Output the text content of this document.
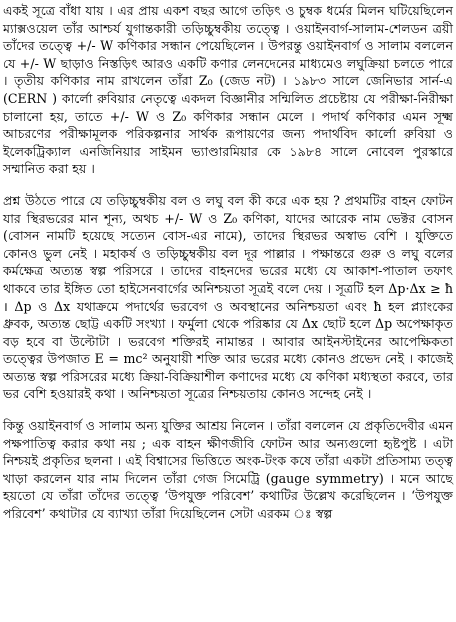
একই সূত্রে বাঁধা যায় । এর প্রায় একশ বছর আগে তড়িৎ ও চুম্বক ধর্মের মিলন ঘটিয়েছিলেন ম্যাক্সওয়েল তাঁর আশ্চর্য যুগান্তকারী তড়িচ্চুম্বকীয় তত্ত্বে । ওয়াইনবার্গ-সালাম-শেলডন ত্রয়ী তাঁদের তত্ত্বে +/- W কণিকার সন্ধান পেয়েছিলেন । উপরন্তু ওয়াইনবার্গ ও সালাম বললেন যে +/- W ছাড়াও নিস্তড়িৎ আরও একটি কণার লেনদেনের মাধ্যমেও লঘুক্রিয়া চলতে পারে । তৃতীয় কণিকার নাম রাখলেন তাঁরা Z₀ (জেড নট) । ১৯৮৩ সালে জেনিভার সার্ন-এ (CERN ) কার্লো রুবিয়ার নেতৃত্বে একদল বিজ্ঞানীর সন্মিলিত প্রচেষ্টায় যে পরীক্ষা-নিরীক্ষা চালানো হয়, তাতে +/- W ও Z₀ কণিকার সন্ধান মেলে । পদার্থ কণিকার এমন সূক্ষ্ম আচরণের পরীক্ষামূলক পরিকল্পনার সার্থক রূপায়ণের জন্য পদার্থবিদ কার্লো রুবিয়া ও ইলেকট্রিক্যাল এনজিনিয়ার সাইমন ভ্যাণ্ডারমিয়ার কে ১৯৮৪ সালে নোবেল পুরস্কারে সম্মানিত করা হয় ।

প্রশ্ন উঠতে পারে যে তড়িচ্চুম্বকীয় বল ও লঘু বল কী করে এক হয় ? প্রথমটির বাহন ফোটন যার স্থিরভরের মান শূন্য, অথচ +/- W ও Z₀ কণিকা, যাদের আরেক নাম ভেক্টর বোসন (বোসন নামটি হয়েছে সত্যেন বোস-এর নামে), তাদের স্থিরভর অস্বাভ বেশি । যুক্তিতে কোনও ভুল নেই । মহাকর্ষ ও তড়িচ্চুম্বকীয় বল দূর পাল্লার । পক্ষান্তরে গুরু ও লঘু বলের কর্মক্ষেত্র অত্যন্ত স্বল্প পরিসরে । তাদের বাহনদের ভরের মধ্যে যে আকাশ-পাতাল তফাৎ থাকবে তার ইঙ্গিত তো হাইসেনবার্গের অনিশ্চয়তা সূত্রই বলে দেয় । সূত্রটি হল Δp·Δx ≥ ħ । Δp ও Δx যথাক্রমে পদার্থের ভরবেগ ও অবস্থানের অনিশ্চয়তা এবং ħ হল প্ল্যাংকের ধ্রুবক, অত্যন্ত ছোট্ট একটি সংখ্যা । ফর্মুলা থেকে পরিষ্কার যে Δx ছোট হলে Δp অপেক্ষাকৃত বড় হবে বা উল্টোটা । ভরবেগ শক্তিরই নামান্তর । আবার আইনস্টাইনের আপেক্ষিকতা তত্ত্বের উপজাত E = mc² অনুযায়ী শক্তি আর ভরের মধ্যে কোনও প্রভেদ নেই । কাজেই অত্যন্ত স্বল্প পরিসরের মধ্যে ক্রিয়া-বিক্রিয়াশীল কণাদের মধ্যে যে কণিকা মধ্যস্থতা করবে, তার ভর বেশি হওয়ারই কথা । অনিশ্চয়তা সূত্রের নিশ্চয়তায় কোনও সন্দেহ নেই ।

কিন্তু ওয়াইনবার্গ ও সালাম অন্য যুক্তির আশ্রয় নিলেন । তাঁরা বললেন যে প্রকৃতিদেবীর এমন পক্ষপাতিত্ব করার কথা নয় ; এক বাহন ক্ষীণজীবি ফোটন আর অন্যগুলো হৃষ্টপুষ্ট । এটা নিশ্চয়ই প্রকৃতির ছলনা । এই বিশ্বাসের ভিত্তিতে অংক-টংক কষে তাঁরা একটা প্রতিসাম্য তত্ত্ব খাড়া করলেন যার নাম দিলেন তাঁরা গেজ সিমেট্রি (gauge symmetry) । মনে আছে হয়তো যে তাঁরা তাঁদের তত্ত্বে ‘উপযুক্ত পরিবেশ’ কথাটির উল্লেখ করেছিলেন । ‘উপযুক্ত পরিবেশ’ কথাটার যে ব্যাখ্যা তাঁরা দিয়েছিলেন সেটা এরকম ঃ স্বল্প
